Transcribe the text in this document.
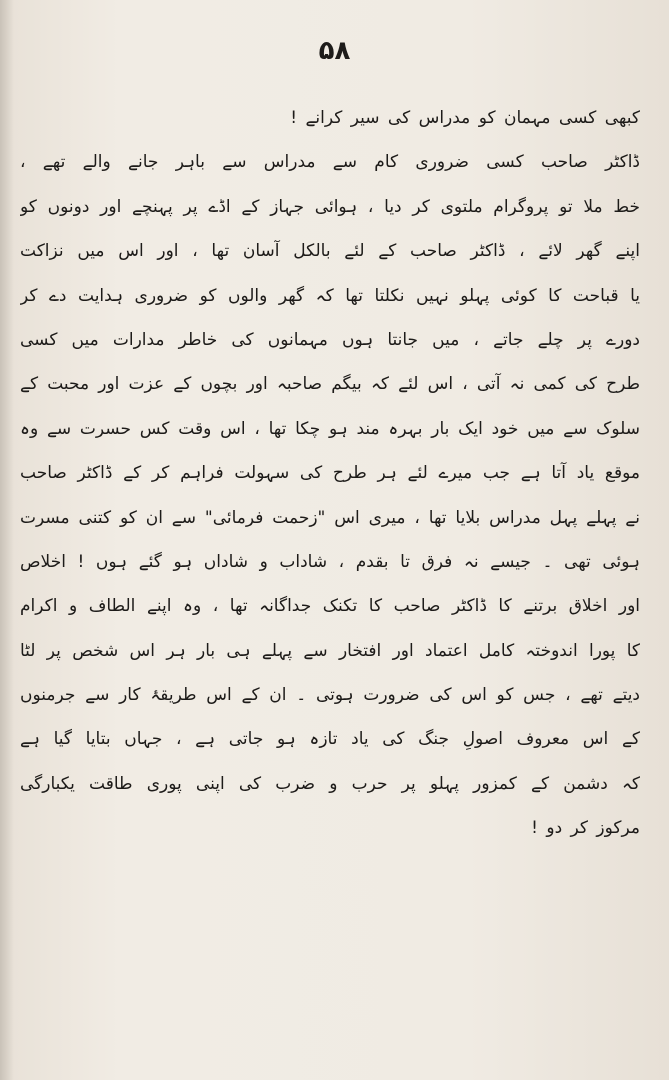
۵۸
کبھی کسی مہمان کو مدراس کی سیر کرانے !
ڈاکٹر صاحب کسی ضروری کام سے مدراس سے باہر جانے والے تھے ،
خط ملا تو پروگرام ملتوی کر دیا ، ہوائی جہاز کے اڈے پر پہنچے اور دونوں کو
اپنے گھر لائے ، ڈاکٹر صاحب کے لئے بالکل آسان تھا ، اور اس میں نزاکت
یا قباحت کا کوئی پہلو نہیں نکلتا تھا کہ گھر والوں کو ضروری ہدایت دے کر
دورے پر چلے جاتے ، میں جانتا ہوں مہمانوں کی خاطر مدارات میں کسی
طرح کی کمی نہ آتی ، اس لئے کہ بیگم صاحبہ اور بچوں کے عزت اور محبت کے
سلوک سے میں خود ایک بار بہرہ مند ہو چکا تھا ، اس وقت کس حسرت سے وہ
موقع یاد آتا ہے جب میرے لئے ہر طرح کی سہولت فراہم کر کے ڈاکٹر صاحب
نے پہلے پہل مدراس بلایا تھا ، میری اس "زحمت فرمائی" سے ان کو کتنی مسرت
ہوئی تھی ۔ جیسے نہ فرق تا بقدم ، شاداب و شاداں ہو گئے ہوں ! اخلاص
اور اخلاق برتنے کا ڈاکٹر صاحب کا تکنک جداگانہ تھا ، وہ اپنے الطاف و اکرام
کا پورا اندوختہ کامل اعتماد اور افتخار سے پہلے ہی بار ہر اس شخص پر لٹا
دیتے تھے ، جس کو اس کی ضرورت ہوتی ۔ ان کے اس طریقۂ کار سے جرمنوں
کے اس معروف اصولِ جنگ کی یاد تازہ ہو جاتی ہے ، جہاں بتایا گیا ہے
کہ دشمن کے کمزور پہلو پر حرب و ضرب کی اپنی پوری طاقت یکبارگی
مرکوز کر دو !
